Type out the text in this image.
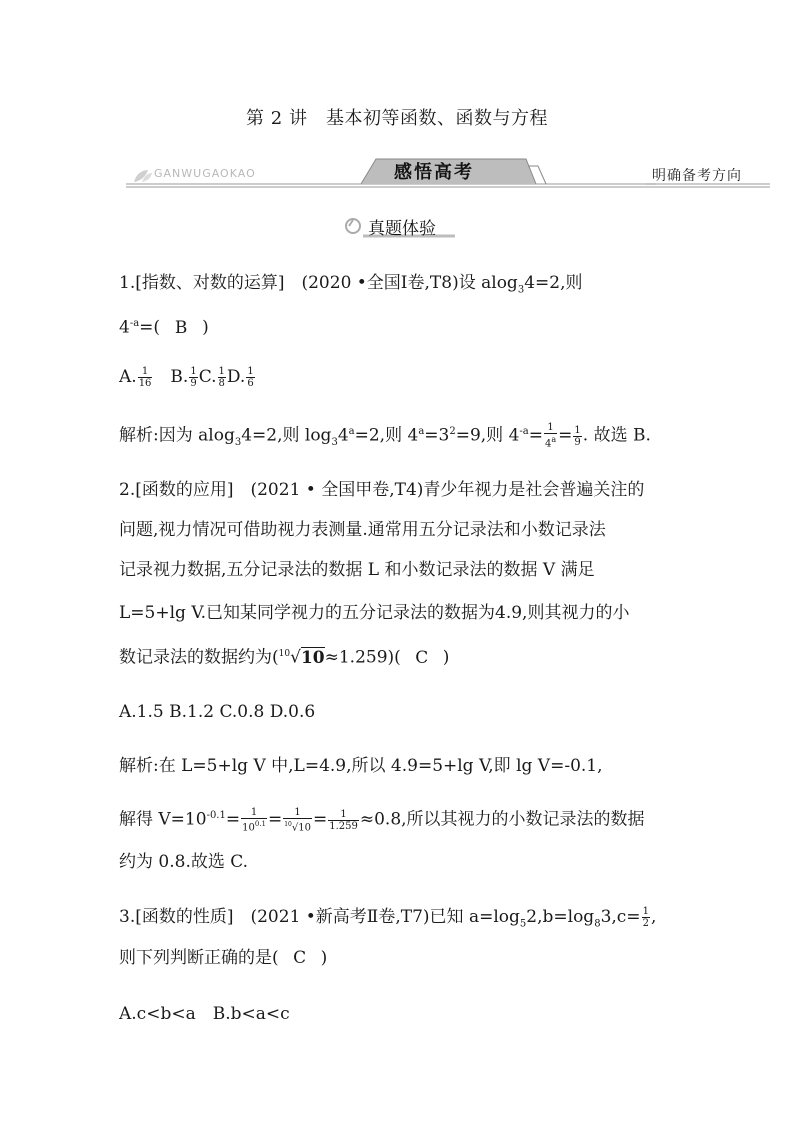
第 2 讲　基本初等函数、函数与方程
GANWUGAOKAO	感悟高考	明确备考方向
真题体验
1.[指数、对数的运算]　(2020 •全国Ⅰ卷,T8)设 alog$_3$4=2,则
$4^{-a}=$( B )
A. $\frac{1}{16}$
　 B. $\frac{1}{9} C$. $\frac{1}{8} D$. $\frac{1}{6}$
解析:因为 alog$_3$4=2,则 $\log_34^a=2$,则 $4^a=3^2=9$,则 $4^{-a}= \frac{1}{4^a} = \frac{1}{9}$ . 故选 B.
2.[函数的应用]　(2021 • 全国甲卷,T4)青少年视力是社会普遍关注的
问题,视力情况可借助视力表测量.通常用五分记录法和小数记录法
记录视力数据,五分记录法的数据 L 和小数记录法的数据 V 满足
L=5+lg V.已知某同学视力的五分记录法的数据为4.9,则其视力的小
数记录法的数据约为($^{10}$√10≈1.259)( C )
A.1.5 B.1.2 C.0.8 D.0.6
解析:在 L=5+lg V 中,L=4.9,所以 4.9=5+lg V,即 lg V=-0.1,
解得 $V=10^{-0.1}= \frac{1}{10^{0.1}} = \frac{1}{^{10}√10} = \frac{1}{1.259} \approx 0.8$,所以其视力的小数记录法的数据
约为 0.8.故选 C.
3.[函数的性质]　(2021 •新高考Ⅱ卷,T7)已知 $a=\log_52,b=\log_83,c= \frac{1}{2}$ ,
则下列判断正确的是( C )
A.c<b<a　B.b<a<c
